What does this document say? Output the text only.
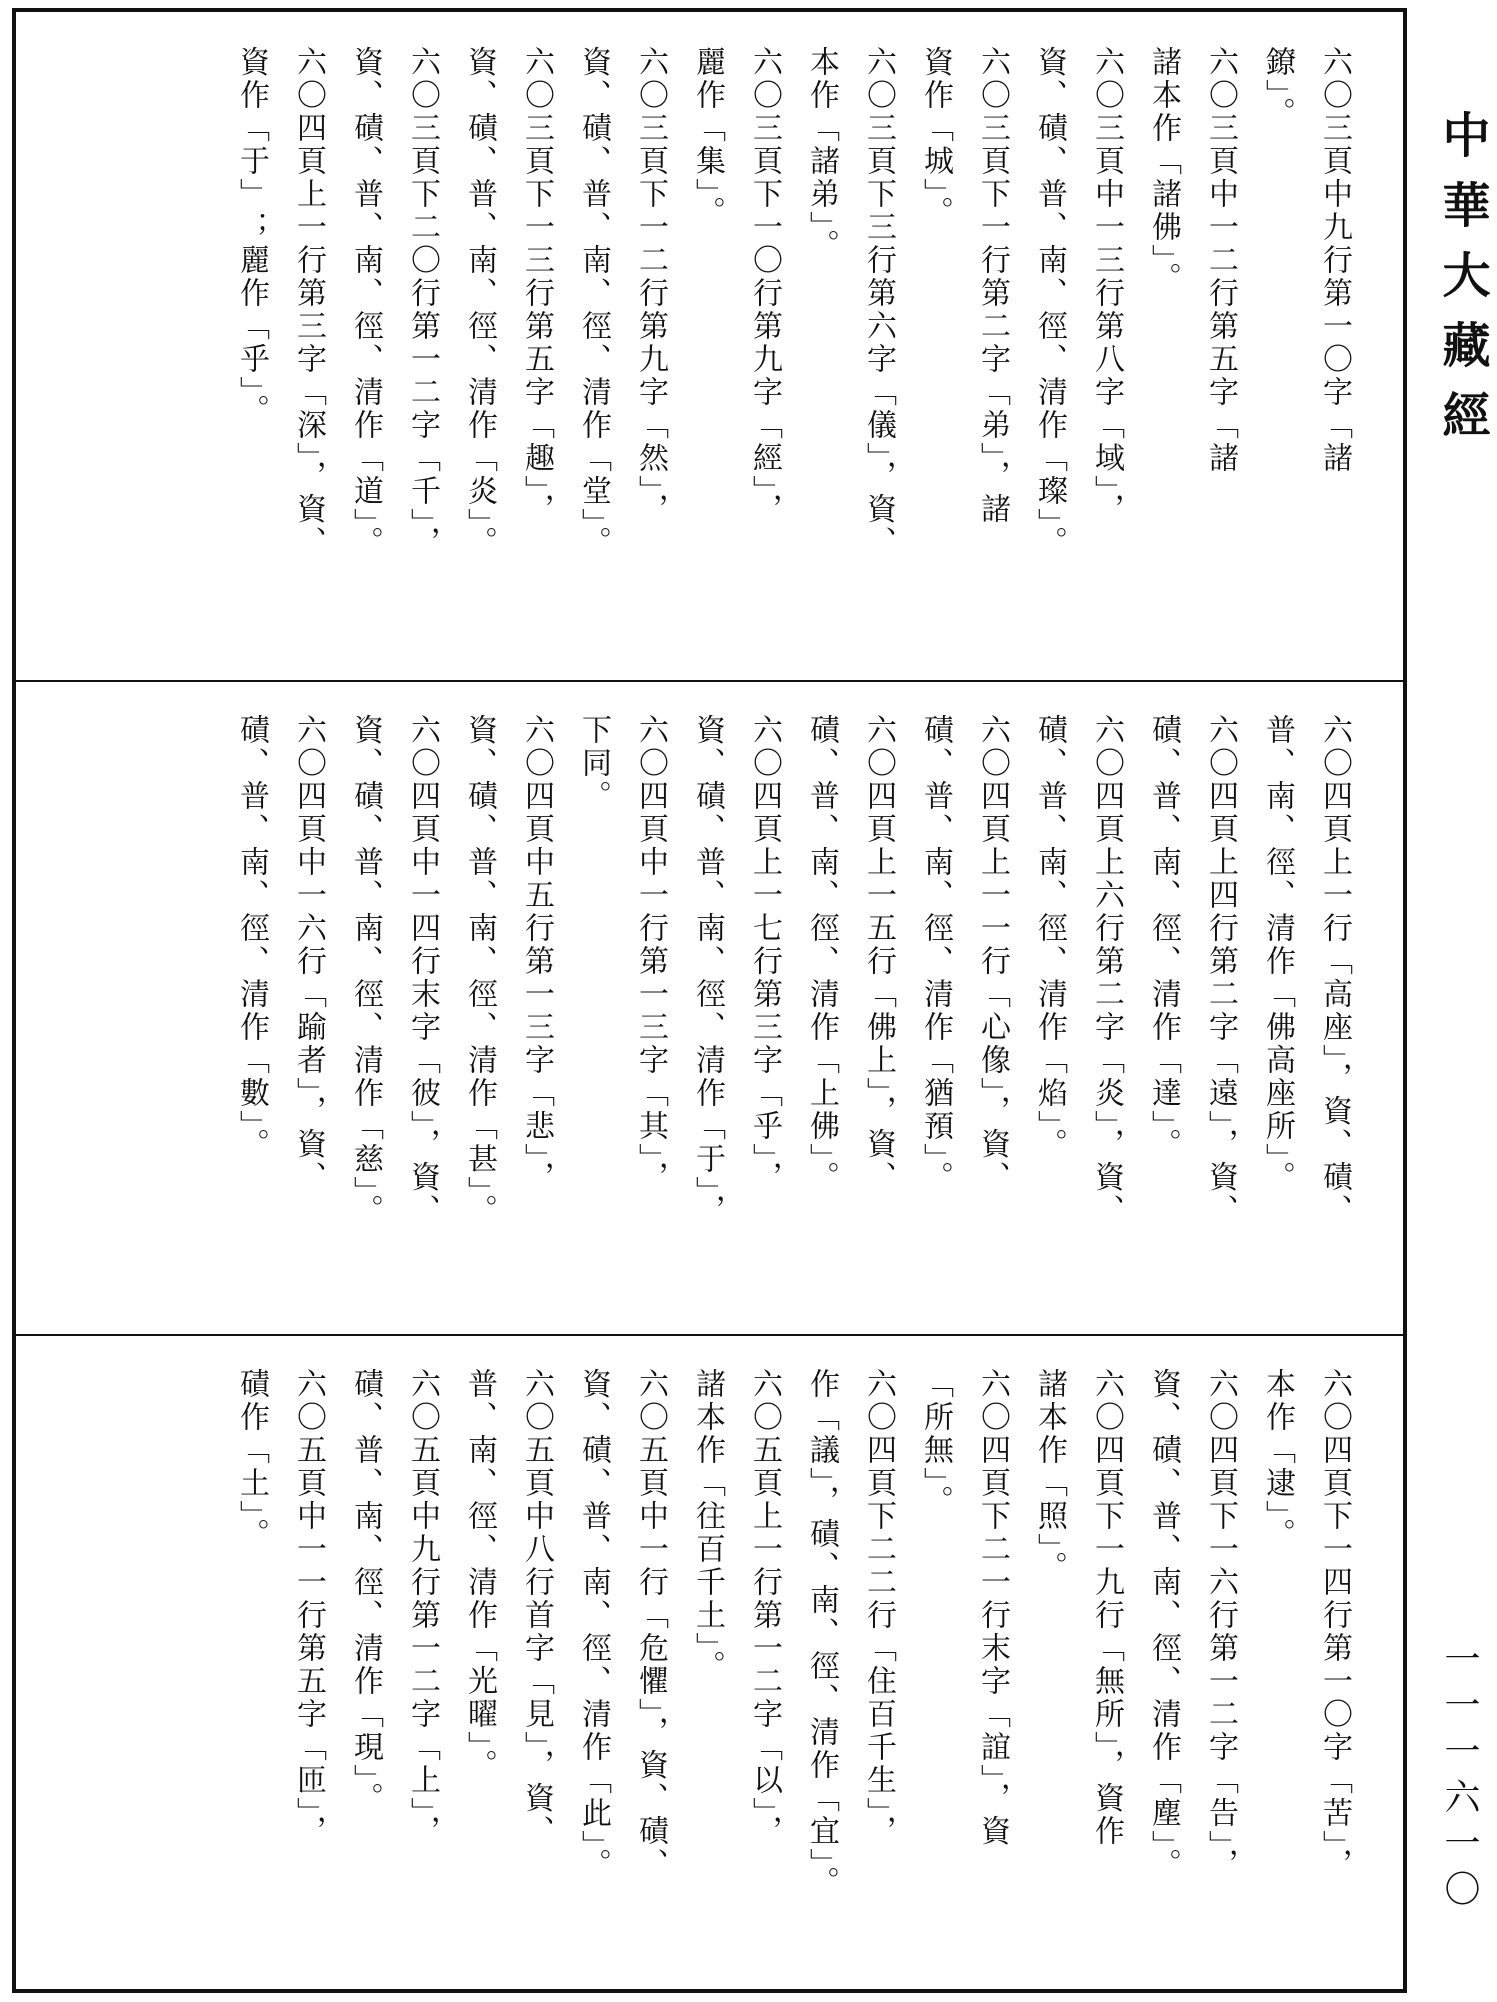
六〇三頁中九行第一〇字「諸
鐐」。
六〇三頁中一二行第五字「諸
諸本作「諸佛」。
六〇三頁中一三行第八字「域」，
資、磧、普、南、徑、清作「璨」。
六〇三頁下一行第二字「弟」，諸
資作「城」。
六〇三頁下三行第六字「儀」，資、
本作「諸弟」。
六〇三頁下一〇行第九字「經」，
麗作「集」。
六〇三頁下一二行第九字「然」，
資、磧、普、南、徑、清作「堂」。
六〇三頁下一三行第五字「趣」，
資、磧、普、南、徑、清作「炎」。
六〇三頁下二〇行第一二字「千」，
資、磧、普、南、徑、清作「道」。
六〇四頁上一行第三字「深」，資、
資作「于」；麗作「乎」。
六〇四頁上一行「高座」，資、磧、
普、南、徑、清作「佛高座所」。
六〇四頁上四行第二字「遠」，資、
磧、普、南、徑、清作「達」。
六〇四頁上六行第二字「炎」，資、
磧、普、南、徑、清作「焰」。
六〇四頁上一一行「心像」，資、
磧、普、南、徑、清作「猶預」。
六〇四頁上一五行「佛上」，資、
磧、普、南、徑、清作「上佛」。
六〇四頁上一七行第三字「乎」，
資、磧、普、南、徑、清作「于」，
六〇四頁中一行第一三字「其」，
下同。
六〇四頁中五行第一三字「悲」，
資、磧、普、南、徑、清作「甚」。
六〇四頁中一四行末字「彼」，資、
資、磧、普、南、徑、清作「慈」。
六〇四頁中一六行「踰者」，資、
磧、普、南、徑、清作「數」。
六〇四頁下一四行第一〇字「苦」，
本作「逮」。
六〇四頁下一六行第一二字「告」，
資、磧、普、南、徑、清作「塵」。
六〇四頁下一九行「無所」，資作
諸本作「照」。
六〇四頁下二一行末字「誼」，資
「所無」。
六〇四頁下二二行「住百千生」，
作「議」，磧、南、徑、清作「宜」。
六〇五頁上一行第一二字「以」，
諸本作「往百千土」。
六〇五頁中一行「危懼」，資、磧、
資、磧、普、南、徑、清作「此」。
六〇五頁中八行首字「見」，資、
普、南、徑、清作「光曜」。
六〇五頁中九行第一二字「上」，
磧、普、南、徑、清作「現」。
六〇五頁中一一行第五字「匝」，
磧作「土」。
中華大藏經
一一一六一〇
